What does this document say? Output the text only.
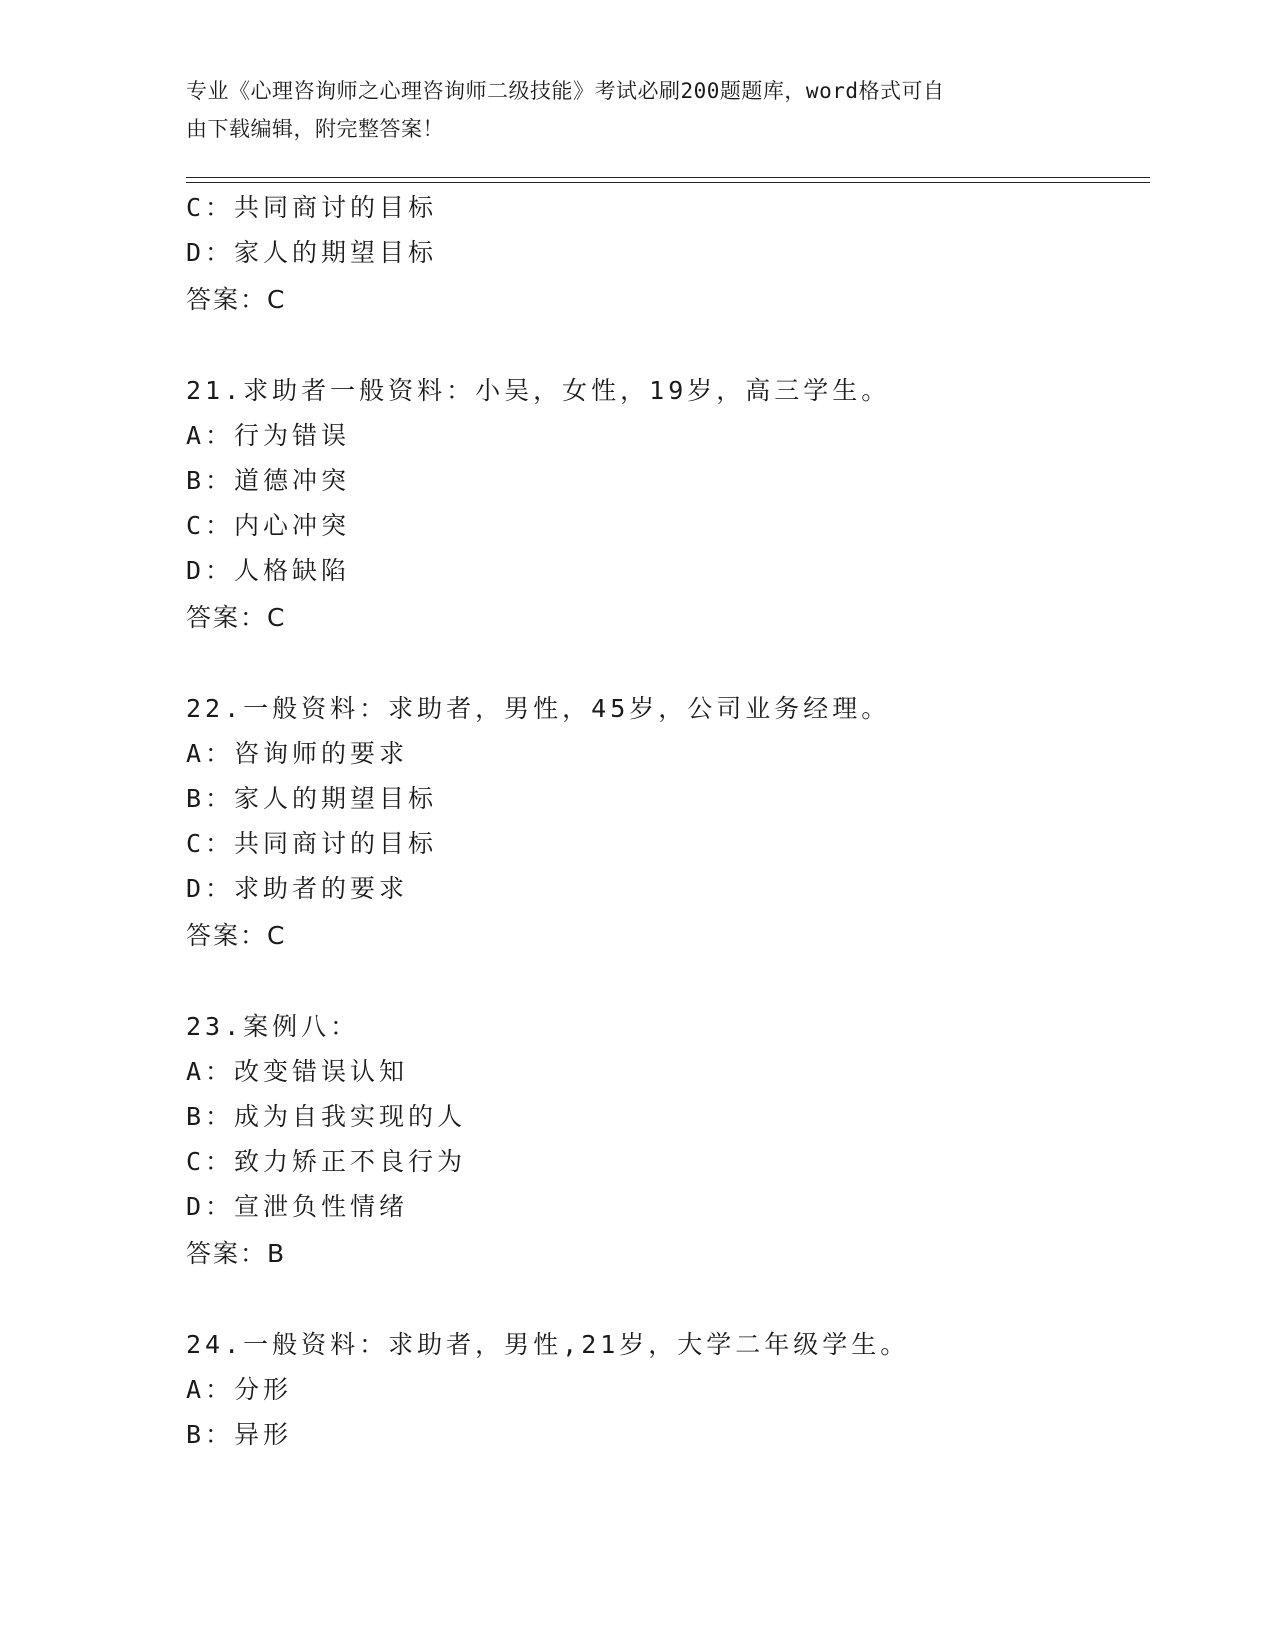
专业《心理咨询师之心理咨询师二级技能》考试必刷200题题库，word格式可自
由下载编辑，附完整答案！
C：共同商讨的目标
D：家人的期望目标
答案：C
21.求助者一般资料：小吴，女性，19岁，高三学生。
A：行为错误
B：道德冲突
C：内心冲突
D：人格缺陷
答案：C
22.一般资料：求助者，男性，45岁，公司业务经理。
A：咨询师的要求
B：家人的期望目标
C：共同商讨的目标
D：求助者的要求
答案：C
23.案例八：
A：改变错误认知
B：成为自我实现的人
C：致力矫正不良行为
D：宣泄负性情绪
答案：B
24.一般资料：求助者，男性,21岁，大学二年级学生。
A：分形
B：异形
